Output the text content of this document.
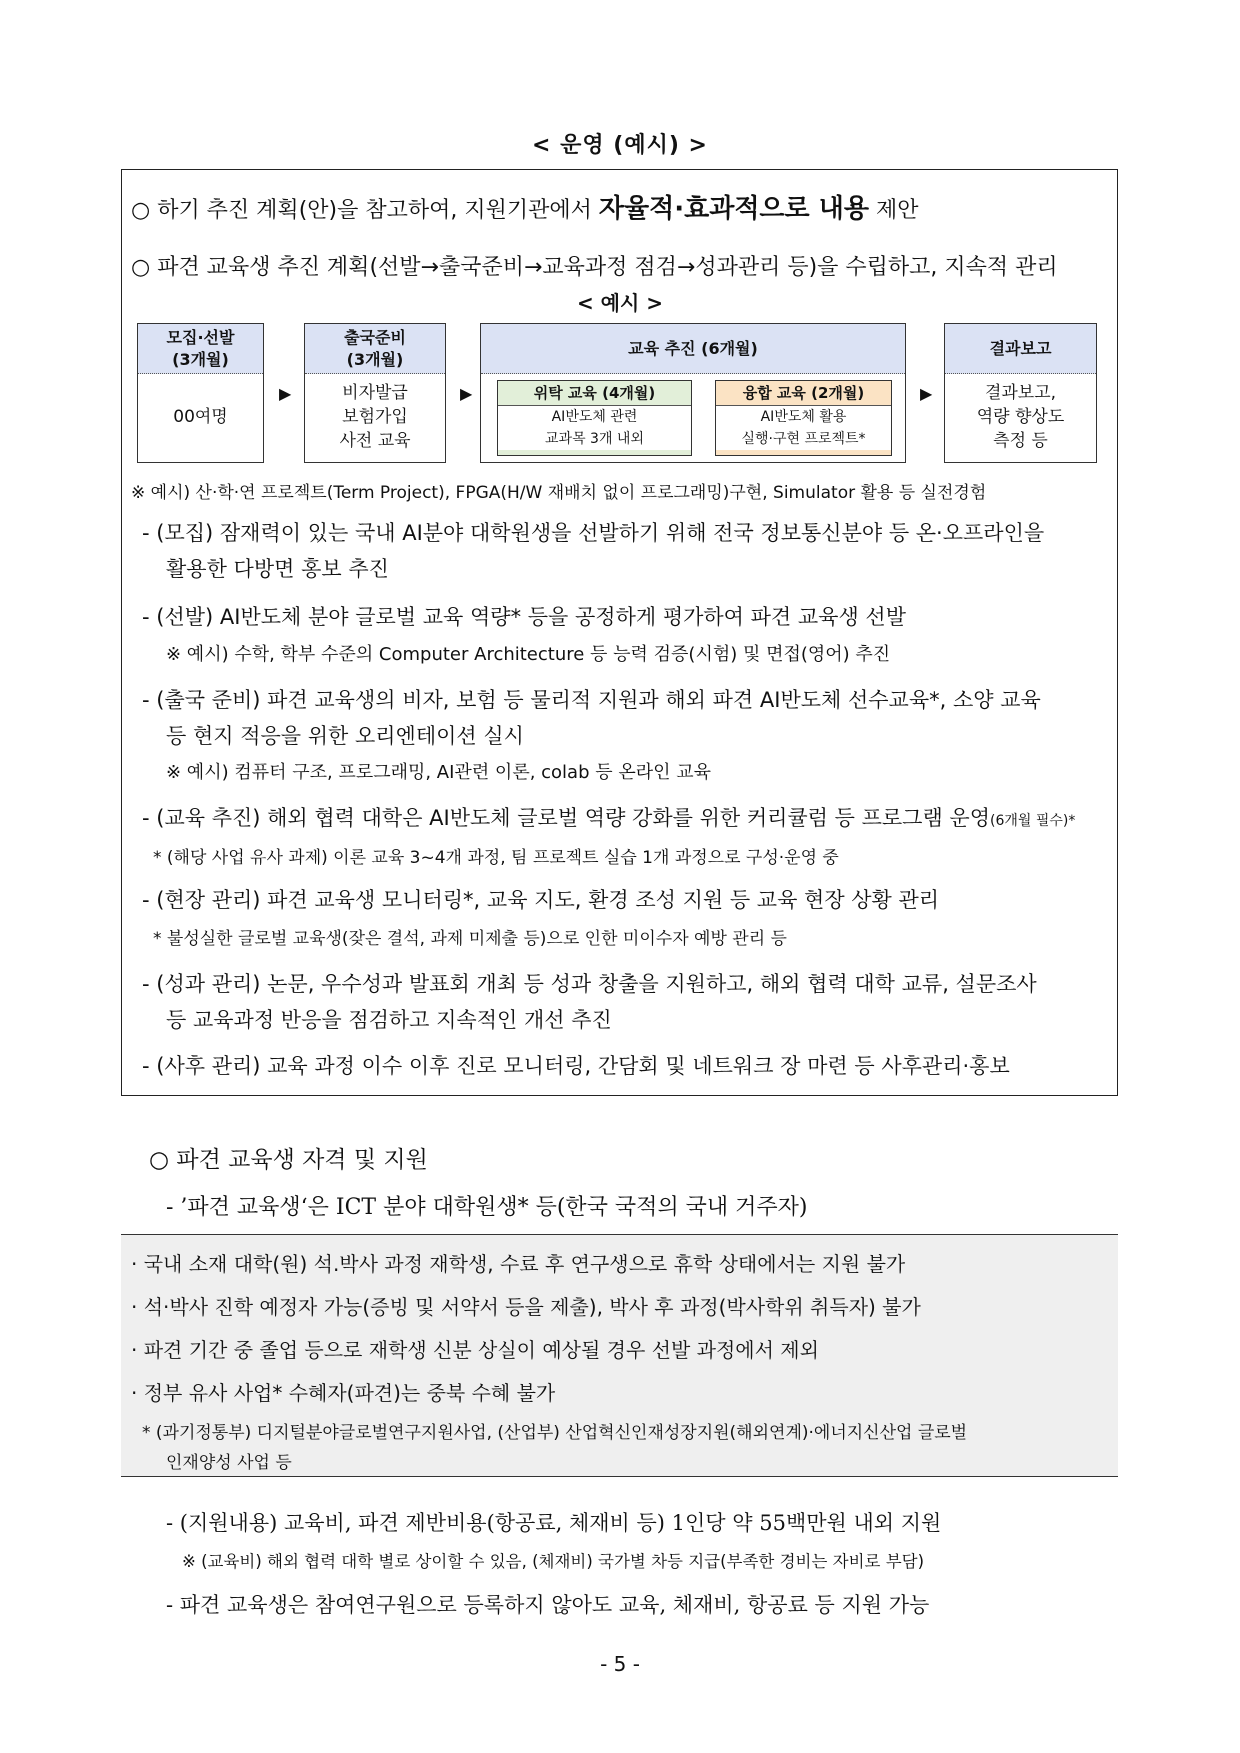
< 운영 (예시) >
○ 하기 추진 계획(안)을 참고하여, 지원기관에서 자율적·효과적으로 내용 제안
○ 파견 교육생 추진 계획(선발→출국준비→교육과정 점검→성과관리 등)을 수립하고, 지속적 관리
< 예시 >
모집·선발
(3개월)
00여명
▶
출국준비
(3개월)
비자발급
보험가입
사전 교육
▶
교육 추진 (6개월)
위탁 교육 (4개월)
AI반도체 관련
교과목 3개 내외
융합 교육 (2개월)
AI반도체 활용
실행·구현 프로젝트*
▶
결과보고
결과보고,
역량 향상도
측정 등
※ 예시) 산·학·연 프로젝트(Term Project), FPGA(H/W 재배치 없이 프로그래밍)구현, Simulator 활용 등 실전경험
- (모집) 잠재력이 있는 국내 AI분야 대학원생을 선발하기 위해 전국 정보통신분야 등 온·오프라인을
활용한 다방면 홍보 추진
- (선발) AI반도체 분야 글로벌 교육 역량* 등을 공정하게 평가하여 파견 교육생 선발
※ 예시) 수학, 학부 수준의 Computer Architecture 등 능력 검증(시험) 및 면접(영어) 추진
- (출국 준비) 파견 교육생의 비자, 보험 등 물리적 지원과 해외 파견 AI반도체 선수교육*, 소양 교육
등 현지 적응을 위한 오리엔테이션 실시
※ 예시) 컴퓨터 구조, 프로그래밍, AI관련 이론, colab 등 온라인 교육
- (교육 추진) 해외 협력 대학은 AI반도체 글로벌 역량 강화를 위한 커리큘럼 등 프로그램 운영(6개월 필수)*
* (해당 사업 유사 과제) 이론 교육 3~4개 과정, 팀 프로젝트 실습 1개 과정으로 구성·운영 중
- (현장 관리) 파견 교육생 모니터링*, 교육 지도, 환경 조성 지원 등 교육 현장 상황 관리
* 불성실한 글로벌 교육생(잦은 결석, 과제 미제출 등)으로 인한 미이수자 예방 관리 등
- (성과 관리) 논문, 우수성과 발표회 개최 등 성과 창출을 지원하고, 해외 협력 대학 교류, 설문조사
등 교육과정 반응을 점검하고 지속적인 개선 추진
- (사후 관리) 교육 과정 이수 이후 진로 모니터링, 간담회 및 네트워크 장 마련 등 사후관리·홍보
○ 파견 교육생 자격 및 지원
- ’파견 교육생‘은 ICT 분야 대학원생* 등(한국 국적의 국내 거주자)
· 국내 소재 대학(원) 석.박사 과정 재학생, 수료 후 연구생으로 휴학 상태에서는 지원 불가
· 석·박사 진학 예정자 가능(증빙 및 서약서 등을 제출), 박사 후 과정(박사학위 취득자) 불가
· 파견 기간 중 졸업 등으로 재학생 신분 상실이 예상될 경우 선발 과정에서 제외
· 정부 유사 사업* 수혜자(파견)는 중북 수혜 불가
* (과기정통부) 디지털분야글로벌연구지원사업, (산업부) 산업혁신인재성장지원(해외연계)·에너지신산업 글로벌
인재양성 사업 등
- (지원내용) 교육비, 파견 제반비용(항공료, 체재비 등) 1인당 약 55백만원 내외 지원
※ (교육비) 해외 협력 대학 별로 상이할 수 있음, (체재비) 국가별 차등 지급(부족한 경비는 자비로 부담)
- 파견 교육생은 참여연구원으로 등록하지 않아도 교육, 체재비, 항공료 등 지원 가능
- 5 -
